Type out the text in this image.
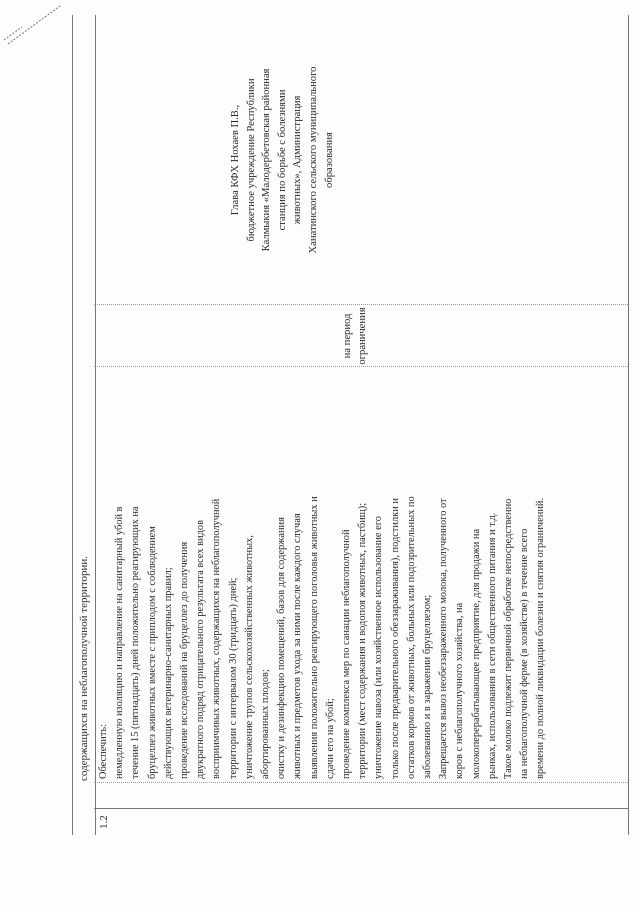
содержащихся на неблагополучной территории.
1.2

Обеспечить: немедленную изоляцию и направление на санитарный убой в течение 15 (пятнадцать) дней положительно реагирующих на бруцеллез животных вместе с приплодом с соблюдением действующих ветеринарно-санитарных правил; проведение исследований на бруцеллез до получения двукратного подряд отрицательного результата всех видов восприимчивых животных, содержащихся на неблагополучной территории с интервалом 30 (тридцать) дней; уничтожение трупов сельскохозяйственных животных, абортированных плодов; очистку и дезинфекцию помещений, базов для содержания животных и предметов ухода за ними после каждого случая выявления положительно реагирующего поголовья животных и сдачи его на убой; проведение комплекса мер по санации неблагополучной территории (мест содержания и водопоя животных, пастбищ); уничтожение навоза (или хозяйственное использование его только после предварительного обеззараживания), подстилки и остатков кормов от животных, больных или подозрительных по заболеванию и в заражении бруцеллезом; Запрещается вывоз необеззараженного молока, полученного от коров с неблагополучного хозяйства, на молокоперерабатывающее предприятие, для продажи на рынках, использования в сети общественного питания и т.д. Такое молоко подлежит первичной обработке непосредственно на неблагополучной ферме (в хозяйстве) в течение всего времени до полной ликвидации болезни и снятия ограничений.

на период ограничения

Глава КФХ Нохаев П.В., бюджетное учреждение Республики Калмыкия «Малодербетовская районная станция по борьбе с болезнями животных», Администрация Ханатинского сельского муниципального образования
